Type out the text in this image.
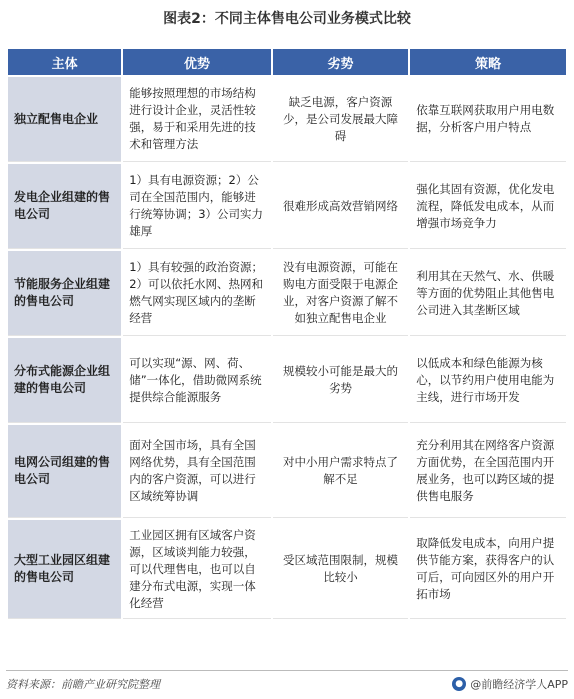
图表2：不同主体售电公司业务模式比较
主体	优势	劣势	策略
独立配售电企业	能够按照理想的市场结构进行设计企业，灵活性较强，易于和采用先进的技术和管理方法	缺乏电源，客户资源少，是公司发展最大障碍	依靠互联网获取用户用电数据，分析客户用户特点
发电企业组建的售电公司	1）具有电源资源；2）公司在全国范围内，能够进行统筹协调；3）公司实力雄厚	很难形成高效营销网络	强化其固有资源，优化发电流程，降低发电成本，从而增强市场竞争力
节能服务企业组建的售电公司	1）具有较强的政治资源；2）可以依托水网、热网和燃气网实现区域内的垄断经营	没有电源资源，可能在购电方面受限于电源企业，对客户资源了解不如独立配售电企业	利用其在天然气、水、供暖等方面的优势阻止其他售电公司进入其垄断区域
分布式能源企业组建的售电公司	可以实现“源、网、荷、储”一体化，借助微网系统提供综合能源服务	规模较小可能是最大的劣势	以低成本和绿色能源为核心，以节约用户使用电能为主线，进行市场开发
电网公司组建的售电公司	面对全国市场，具有全国网络优势，具有全国范围内的客户资源，可以进行区域统筹协调	对中小用户需求特点了解不足	充分利用其在网络客户资源方面优势，在全国范围内开展业务，也可以跨区域的提供售电服务
大型工业园区组建的售电公司	工业园区拥有区域客户资源，区域谈判能力较强，可以代理售电，也可以自建分布式电源，实现一体化经营	受区域范围限制，规模比较小	取降低发电成本，向用户提供节能方案，获得客户的认可后，可向园区外的用户开拓市场
资料来源：前瞻产业研究院整理	● @前瞻经济学人APP
